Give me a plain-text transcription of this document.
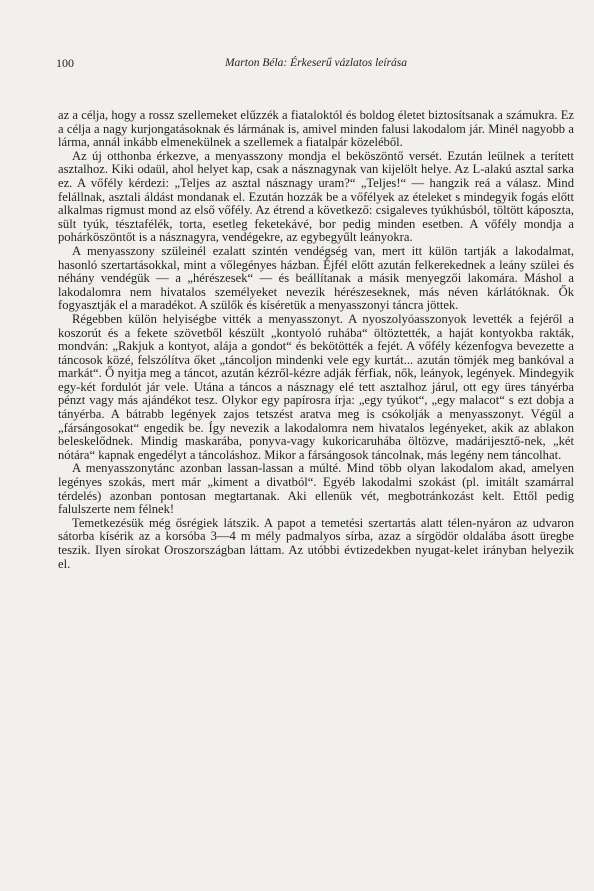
100	Marton Béla: Érkeserű vázlatos leírása

az a célja, hogy a rossz szellemeket elűzzék a fiataloktól és boldog életet biztosítsanak a számukra. Ez a célja a nagy kurjongatásoknak és lármának is, amivel minden falusi lakodalom jár. Minél nagyobb a lárma, annál inkább elmenekülnek a szellemek a fiatalpár közeléből.

Az új otthonba érkezve, a menyasszony mondja el beköszöntő versét. Ezután leülnek a terített asztalhoz. Kiki odaül, ahol helyet kap, csak a násznagynak van kijelölt helye. Az L-alakú asztal sarka ez. A vőfély kérdezi: „Teljes az asztal násznagy uram?“ „Teljes!“ — hangzik reá a válasz. Mind felállnak, asztali áldást mondanak el. Ezután hozzák be a vőfélyek az ételeket s mindegyik fogás előtt alkalmas rigmust mond az első vőfély. Az étrend a következő: csigaleves tyúkhúsból, töltött káposzta, sült tyúk, tésztafélék, torta, esetleg feketekávé, bor pedig minden esetben. A vőfély mondja a pohárköszöntőt is a násznagyra, vendégekre, az egybegyűlt leányokra.

A menyasszony szüleinél ezalatt szintén vendégség van, mert itt külön tartják a lakodalmat, hasonló szertartásokkal, mint a vőlegényes házban. Éjfél előtt azután felkerekednek a leány szülei és néhány vendégük — a „hérészesek“ — és beállítanak a másik menyegzői lakomára. Máshol a lakodalomra nem hivatalos személyeket nevezik hérészeseknek, más néven kárlátóknak. Ők fogyasztják el a maradékot. A szülők és kíséretük a menyasszonyi táncra jöttek.

Régebben külön helyiségbe vitték a menyasszonyt. A nyoszolyóasszonyok levették a fejéről a koszorút és a fekete szövetből készült „kontyoló ruhába“ öltöztették, a haját kontyokba rakták, mondván: „Rakjuk a kontyot, alája a gondot“ és bekötötték a fejét. A vőfély kézenfogva bevezette a táncosok közé, felszólítva őket „táncoljon mindenki vele egy kurtát... azután tömjék meg bankóval a markát“. Ő nyitja meg a táncot, azután kézről-kézre adják férfiak, nők, leányok, legények. Mindegyik egy-két fordulót jár vele. Utána a táncos a násznagy elé tett asztalhoz járul, ott egy üres tányérba pénzt vagy más ajándékot tesz. Olykor egy papírosra írja: „egy tyúkot“, „egy malacot“ s ezt dobja a tányérba. A bátrabb legények zajos tetszést aratva meg is csókolják a menyasszonyt. Végül a „fársángosokat“ engedik be. Így nevezik a lakodalomra nem hivatalos legényeket, akik az ablakon beleskelődnek. Mindig maskarába, ponyva-vagy kukoricaruhába öltözve, madárijesztő-nek, „két nótára“ kapnak engedélyt a táncoláshoz. Mikor a fársángosok táncolnak, más legény nem táncolhat.

A menyasszonytánc azonban lassan-lassan a múlté. Mind több olyan lakodalom akad, amelyen legényes szokás, mert már „kiment a divatból“. Egyéb lakodalmi szokást (pl. imitált szamárral térdelés) azonban pontosan megtartanak. Aki ellenük vét, megbotránkozást kelt. Ettől pedig falulszerte nem félnek!

Temetkezésük még ősrégiek látszik. A papot a temetési szertartás alatt télen-nyáron az udvaron sátorba kísérik az a korsóba 3—4 m mély padmalyos sírba, azaz a sírgödör oldalába ásott üregbe teszik. Ilyen sírokat Oroszországban láttam. Az utóbbi évtizedekben nyugat-kelet irányban helyezik el.
